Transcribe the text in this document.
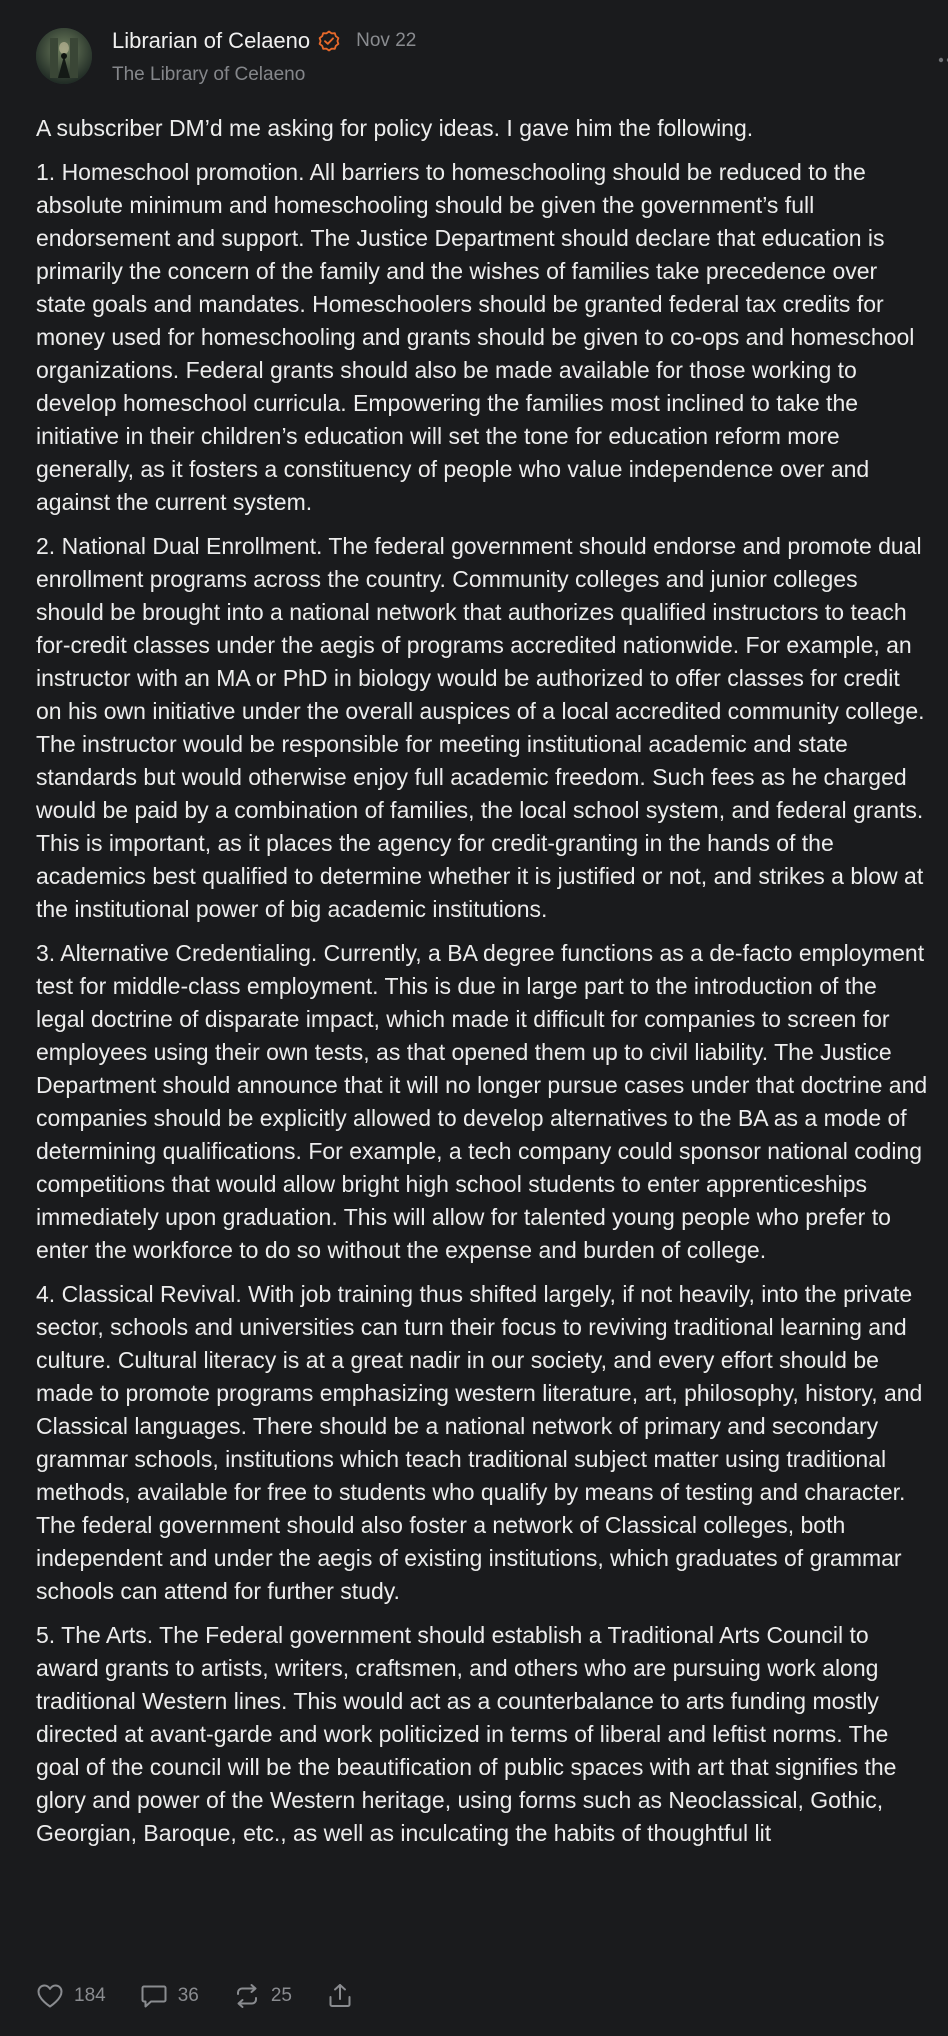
Librarian of Celaeno Nov 22
The Library of Celaeno

A subscriber DM’d me asking for policy ideas. I gave him the following.

1. Homeschool promotion. All barriers to homeschooling should be reduced to the absolute minimum and homeschooling should be given the government’s full endorsement and support. The Justice Department should declare that education is primarily the concern of the family and the wishes of families take precedence over state goals and mandates. Homeschoolers should be granted federal tax credits for money used for homeschooling and grants should be given to co-ops and homeschool organizations. Federal grants should also be made available for those working to develop homeschool curricula. Empowering the families most inclined to take the initiative in their children’s education will set the tone for education reform more generally, as it fosters a constituency of people who value independence over and against the current system.

2. National Dual Enrollment. The federal government should endorse and promote dual enrollment programs across the country. Community colleges and junior colleges should be brought into a national network that authorizes qualified instructors to teach for-credit classes under the aegis of programs accredited nationwide. For example, an instructor with an MA or PhD in biology would be authorized to offer classes for credit on his own initiative under the overall auspices of a local accredited community college. The instructor would be responsible for meeting institutional academic and state standards but would otherwise enjoy full academic freedom. Such fees as he charged would be paid by a combination of families, the local school system, and federal grants. This is important, as it places the agency for credit-granting in the hands of the academics best qualified to determine whether it is justified or not, and strikes a blow at the institutional power of big academic institutions.

3. Alternative Credentialing. Currently, a BA degree functions as a de-facto employment test for middle-class employment. This is due in large part to the introduction of the legal doctrine of disparate impact, which made it difficult for companies to screen for employees using their own tests, as that opened them up to civil liability. The Justice Department should announce that it will no longer pursue cases under that doctrine and companies should be explicitly allowed to develop alternatives to the BA as a mode of determining qualifications. For example, a tech company could sponsor national coding competitions that would allow bright high school students to enter apprenticeships immediately upon graduation. This will allow for talented young people who prefer to enter the workforce to do so without the expense and burden of college.

4. Classical Revival. With job training thus shifted largely, if not heavily, into the private sector, schools and universities can turn their focus to reviving traditional learning and culture. Cultural literacy is at a great nadir in our society, and every effort should be made to promote programs emphasizing western literature, art, philosophy, history, and Classical languages. There should be a national network of primary and secondary grammar schools, institutions which teach traditional subject matter using traditional methods, available for free to students who qualify by means of testing and character. The federal government should also foster a network of Classical colleges, both independent and under the aegis of existing institutions, which graduates of grammar schools can attend for further study.

5. The Arts. The Federal government should establish a Traditional Arts Council to award grants to artists, writers, craftsmen, and others who are pursuing work along traditional Western lines. This would act as a counterbalance to arts funding mostly directed at avant-garde and work politicized in terms of liberal and leftist norms. The goal of the council will be the beautification of public spaces with art that signifies the glory and power of the Western heritage, using forms such as Neoclassical, Gothic, Georgian, Baroque, etc., as well as inculcating the habits of thoughtful lit

184	36	25
